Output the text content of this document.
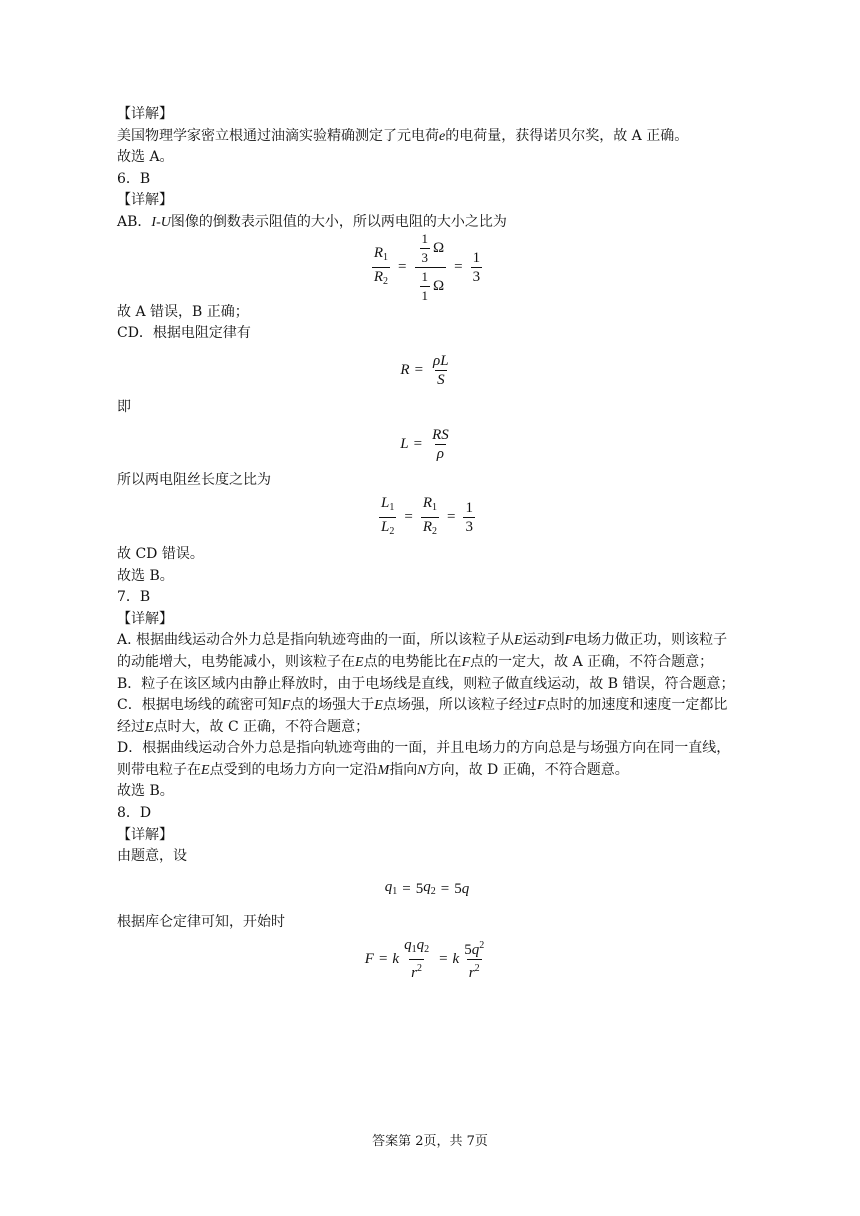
【详解】
美国物理学家密立根通过油滴实验精确测定了元电荷e的电荷量，获得诺贝尔奖，故 A 正确。
故选 A。
6．B
【详解】
AB．I-U图像的倒数表示阻值的大小，所以两电阻的大小之比为
$\frac{R_1}{R_2} = \frac{\frac{1}{3} \Omega}{\frac{1}{1} \Omega} = \frac{1}{3}$
故 A 错误，B 正确；
CD．根据电阻定律有
$R = \frac{\rho L}{S}$
即
$L = \frac{RS}{\rho}$
所以两电阻丝长度之比为
$\frac{L_1}{L_2} = \frac{R_1}{R_2} = \frac{1}{3}$
故 CD 错误。
故选 B。
7．B
【详解】
A. 根据曲线运动合外力总是指向轨迹弯曲的一面，所以该粒子从E运动到F电场力做正功，则该粒子的动能增大，电势能减小，则该粒子在E点的电势能比在F点的一定大，故 A 正确，不符合题意；
B．粒子在该区域内由静止释放时，由于电场线是直线，则粒子做直线运动，故 B 错误，符合题意；
C．根据电场线的疏密可知F点的场强大于E点场强，所以该粒子经过F点时的加速度和速度一定都比经过E点时大，故 C 正确，不符合题意；
D．根据曲线运动合外力总是指向轨迹弯曲的一面，并且电场力的方向总是与场强方向在同一直线，则带电粒子在E点受到的电场力方向一定沿M指向N方向，故 D 正确，不符合题意。
故选 B。
8．D
【详解】
由题意，设
$q_1 = 5$ $q_2 = 5$ q
根据库仑定律可知，开始时
F = k $\frac{q_1q_2}{r^2} = k \frac{5q^2}{r^2}$
答案第 2页，共 7页
